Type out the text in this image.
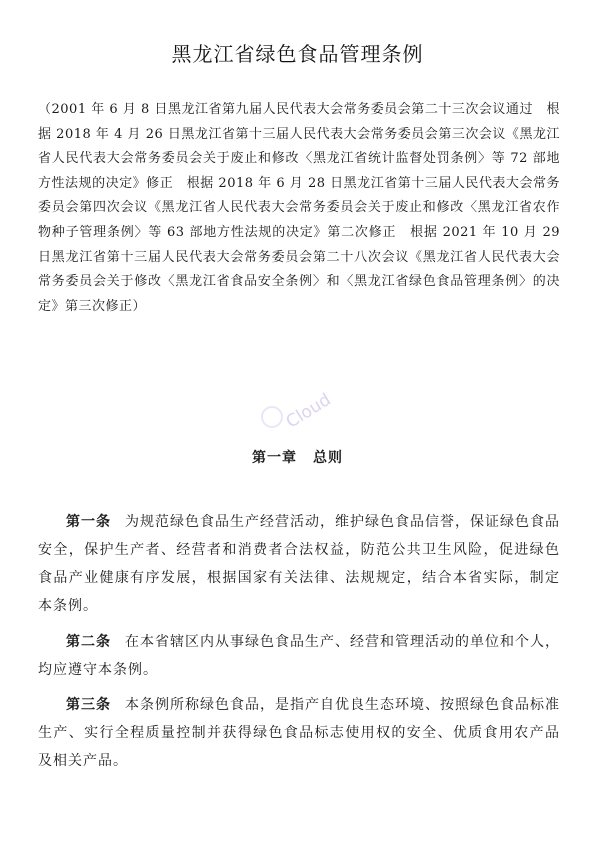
黑龙江省绿色食品管理条例
（2001 年 6 月 8 日黑龙江省第九届人民代表大会常务委员会第二十三次会议通过　根据 2018 年 4 月 26 日黑龙江省第十三届人民代表大会常务委员会第三次会议《黑龙江省人民代表大会常务委员会关于废止和修改〈黑龙江省统计监督处罚条例〉等 72 部地方性法规的决定》修正　根据 2018 年 6 月 28 日黑龙江省第十三届人民代表大会常务委员会第四次会议《黑龙江省人民代表大会常务委员会关于废止和修改〈黑龙江省农作物种子管理条例〉等 63 部地方性法规的决定》第二次修正　根据 2021 年 10 月 29 日黑龙江省第十三届人民代表大会常务委员会第二十八次会议《黑龙江省人民代表大会常务委员会关于修改〈黑龙江省食品安全条例〉和〈黑龙江省绿色食品管理条例〉的决定》第三次修正）
Cloud
第一章 总则
第一条 为规范绿色食品生产经营活动，维护绿色食品信誉，保证绿色食品安全，保护生产者、经营者和消费者合法权益，防范公共卫生风险，促进绿色食品产业健康有序发展，根据国家有关法律、法规规定，结合本省实际，制定本条例。
第二条 在本省辖区内从事绿色食品生产、经营和管理活动的单位和个人，均应遵守本条例。
第三条 本条例所称绿色食品，是指产自优良生态环境、按照绿色食品标准生产、实行全程质量控制并获得绿色食品标志使用权的安全、优质食用农产品及相关产品。
